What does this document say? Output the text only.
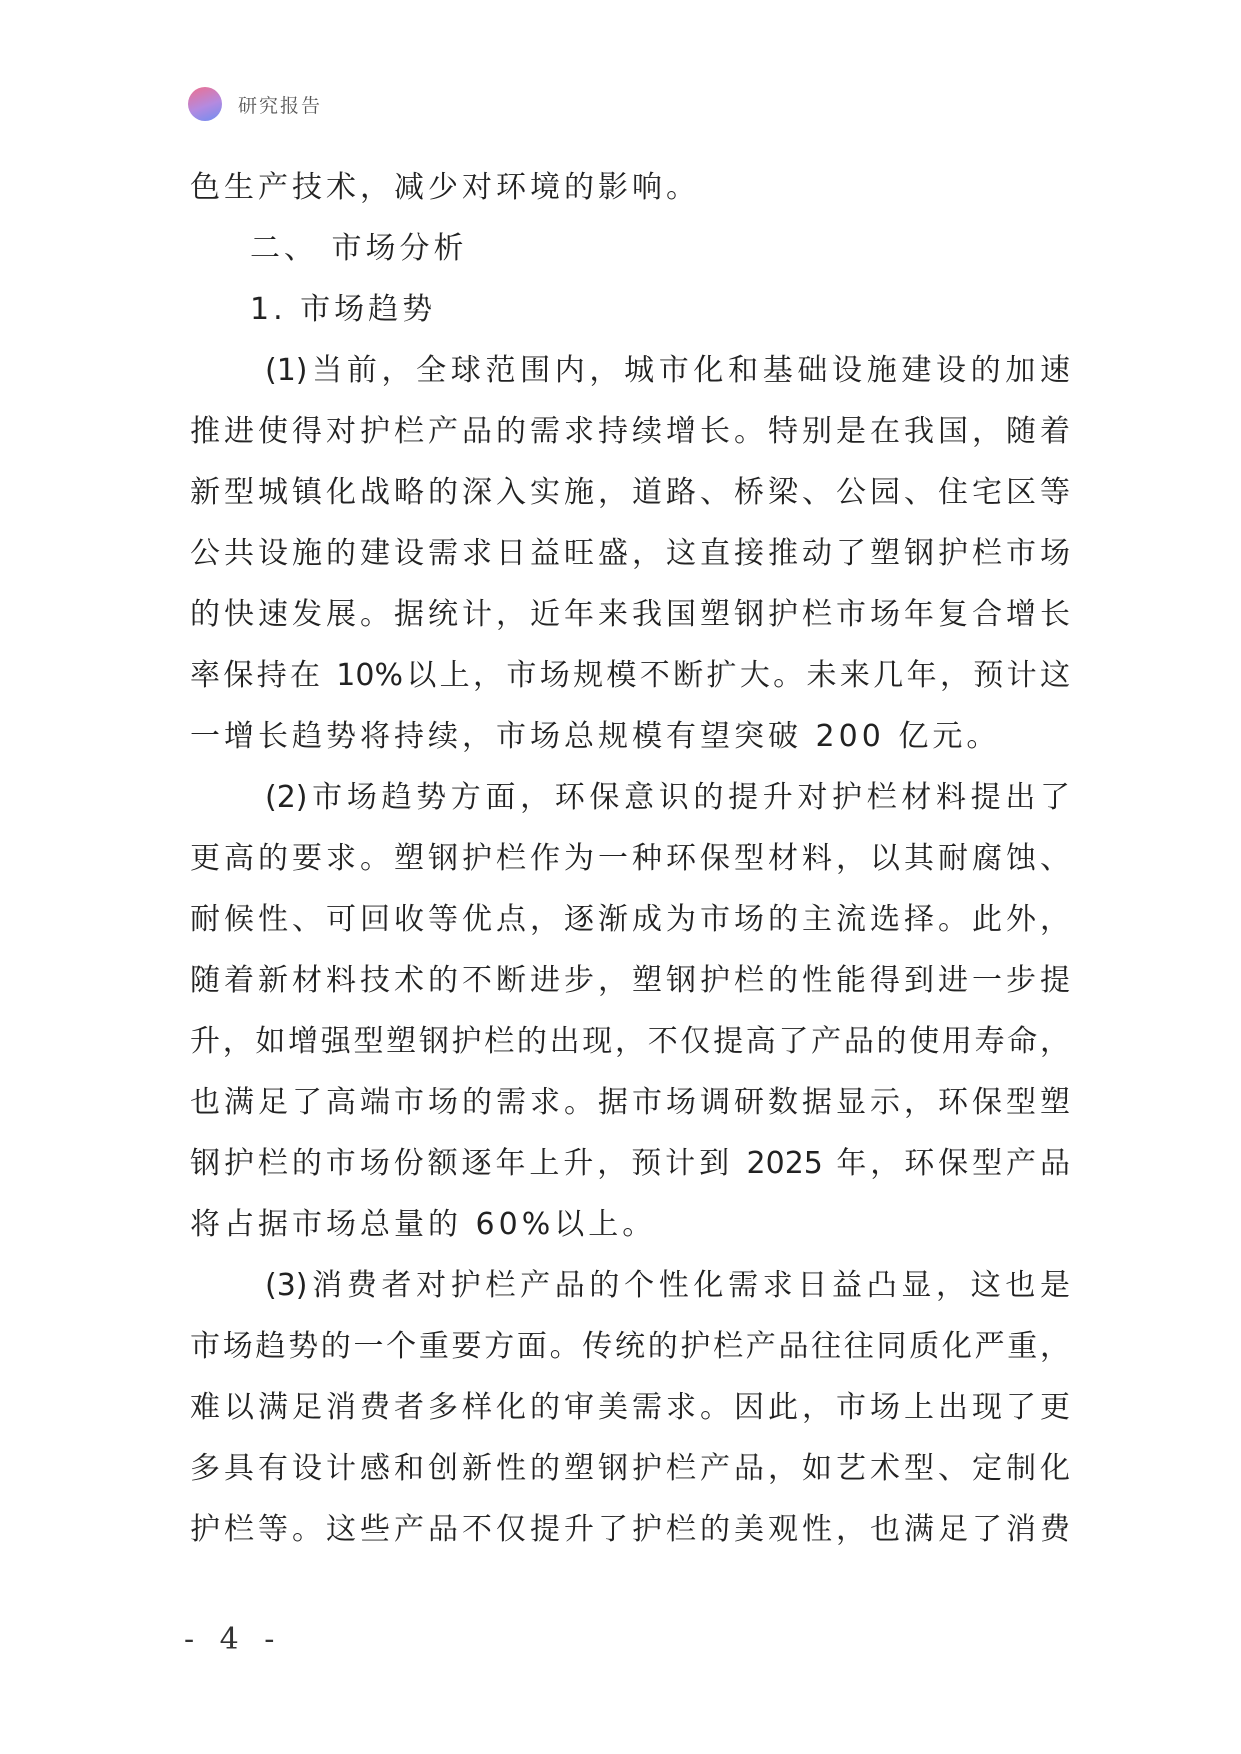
研究报告
色生产技术，减少对环境的影响。
二、 市场分析
1. 市场趋势
(1)当前，全球范围内，城市化和基础设施建设的加速
推进使得对护栏产品的需求持续增长。特别是在我国，随着
新型城镇化战略的深入实施，道路、桥梁、公园、住宅区等
公共设施的建设需求日益旺盛，这直接推动了塑钢护栏市场
的快速发展。据统计，近年来我国塑钢护栏市场年复合增长
率保持在 10%以上，市场规模不断扩大。未来几年，预计这
一增长趋势将持续，市场总规模有望突破 200 亿元。
(2)市场趋势方面，环保意识的提升对护栏材料提出了
更高的要求。塑钢护栏作为一种环保型材料，以其耐腐蚀、
耐候性、可回收等优点，逐渐成为市场的主流选择。此外，
随着新材料技术的不断进步，塑钢护栏的性能得到进一步提
升，如增强型塑钢护栏的出现，不仅提高了产品的使用寿命，
也满足了高端市场的需求。据市场调研数据显示，环保型塑
钢护栏的市场份额逐年上升，预计到 2025 年，环保型产品
将占据市场总量的 60%以上。
(3)消费者对护栏产品的个性化需求日益凸显，这也是
市场趋势的一个重要方面。传统的护栏产品往往同质化严重，
难以满足消费者多样化的审美需求。因此，市场上出现了更
多具有设计感和创新性的塑钢护栏产品，如艺术型、定制化
护栏等。这些产品不仅提升了护栏的美观性，也满足了消费
- 4 -
